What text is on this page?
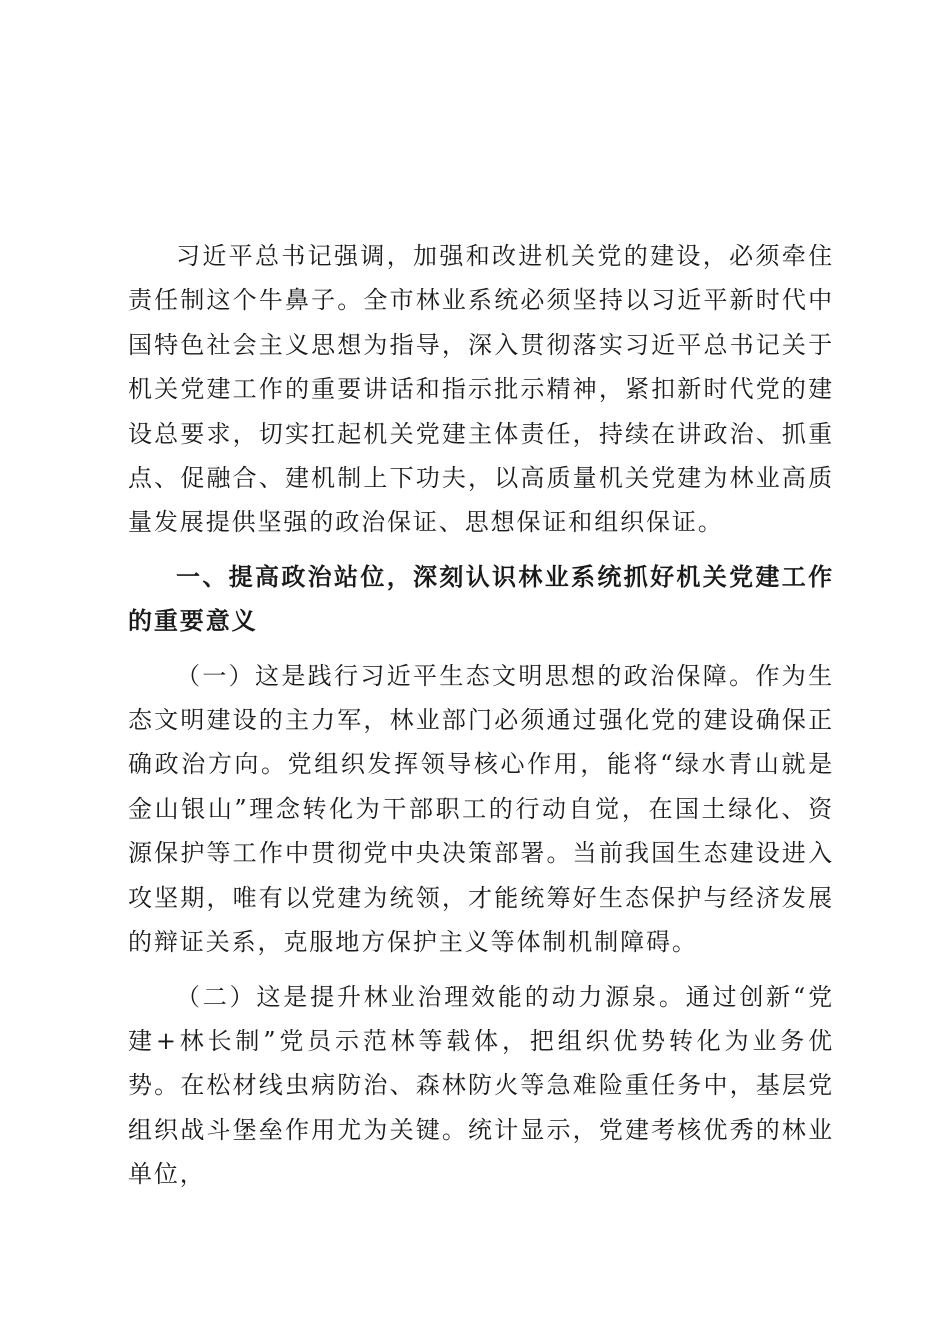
习近平总书记强调，加强和改进机关党的建设，必须牵住责任制这个牛鼻子。全市林业系统必须坚持以习近平新时代中国特色社会主义思想为指导，深入贯彻落实习近平总书记关于机关党建工作的重要讲话和指示批示精神，紧扣新时代党的建设总要求，切实扛起机关党建主体责任，持续在讲政治、抓重点、促融合、建机制上下功夫，以高质量机关党建为林业高质量发展提供坚强的政治保证、思想保证和组织保证。

一、提高政治站位，深刻认识林业系统抓好机关党建工作的重要意义

（一）这是践行习近平生态文明思想的政治保障。作为生态文明建设的主力军，林业部门必须通过强化党的建设确保正确政治方向。党组织发挥领导核心作用，能将“绿水青山就是金山银山”理念转化为干部职工的行动自觉，在国土绿化、资源保护等工作中贯彻党中央决策部署。当前我国生态建设进入攻坚期，唯有以党建为统领，才能统筹好生态保护与经济发展的辩证关系，克服地方保护主义等体制机制障碍。

（二）这是提升林业治理效能的动力源泉。通过创新“党建+林长制”党员示范林等载体，把组织优势转化为业务优势。在松材线虫病防治、森林防火等急难险重任务中，基层党组织战斗堡垒作用尤为关键。统计显示，党建考核优秀的林业单位，
